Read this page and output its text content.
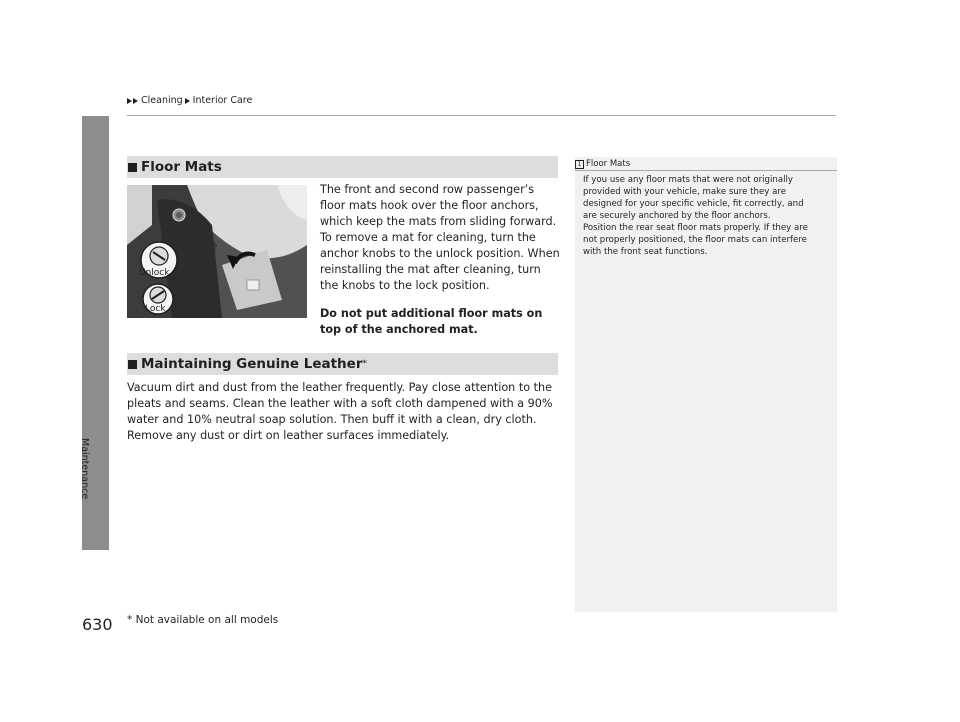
Cleaning Interior Care
Maintenance
Floor Mats
Unlock
Lock
The front and second row passenger’s floor mats hook over the floor anchors, which keep the mats from sliding forward. To remove a mat for cleaning, turn the anchor knobs to the unlock position. When reinstalling the mat after cleaning, turn the knobs to the lock position.
Do not put additional floor mats on top of the anchored mat.
Maintaining Genuine Leather *
Vacuum dirt and dust from the leather frequently. Pay close attention to the pleats and seams. Clean the leather with a soft cloth dampened with a 90% water and 10% neutral soap solution. Then buff it with a clean, dry cloth. Remove any dust or dirt on leather surfaces immediately.
1 Floor Mats
If you use any floor mats that were not originally
provided with your vehicle, make sure they are
designed for your specific vehicle, fit correctly, and
are securely anchored by the floor anchors.
Position the rear seat floor mats properly. If they are
not properly positioned, the floor mats can interfere
with the front seat functions.
630 * Not available on all models
